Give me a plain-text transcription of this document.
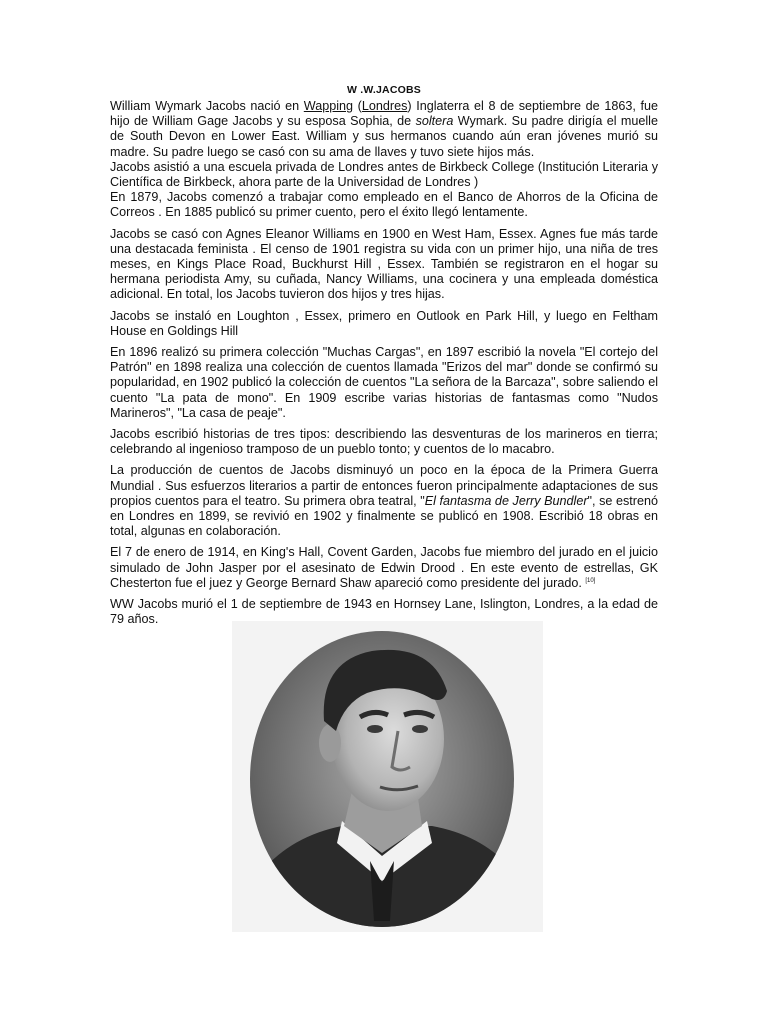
W .W.JACOBS

William Wymark Jacobs nació en Wapping (Londres) Inglaterra el 8 de septiembre de 1863, fue hijo de William Gage Jacobs y su esposa Sophia, de soltera Wymark. Su padre dirigía el muelle de South Devon en Lower East. William y sus hermanos cuando aún eran jóvenes murió su madre. Su padre luego se casó con su ama de llaves y tuvo siete hijos más.

Jacobs asistió a una escuela privada de Londres antes de Birkbeck College (Institución Literaria y Científica de Birkbeck, ahora parte de la Universidad de Londres )

En 1879, Jacobs comenzó a trabajar como empleado en el Banco de Ahorros de la Oficina de Correos . En 1885 publicó su primer cuento, pero el éxito llegó lentamente.

Jacobs se casó con Agnes Eleanor Williams en 1900 en West Ham, Essex. Agnes fue más tarde una destacada feminista . El censo de 1901 registra su vida con un primer hijo, una niña de tres meses, en Kings Place Road, Buckhurst Hill , Essex. También se registraron en el hogar su hermana periodista Amy, su cuñada, Nancy Williams, una cocinera y una empleada doméstica adicional. En total, los Jacobs tuvieron dos hijos y tres hijas.

Jacobs se instaló en Loughton , Essex, primero en Outlook en Park Hill, y luego en Feltham House en Goldings Hill

En 1896 realizó su primera colección "Muchas Cargas", en 1897 escribió la novela "El cortejo del Patrón" en 1898 realiza una colección de cuentos llamada "Erizos del mar" donde se confirmó su popularidad, en 1902 publicó la colección de cuentos "La señora de la Barcaza", sobre saliendo el cuento "La pata de mono". En 1909 escribe varias historias de fantasmas como "Nudos Marineros", "La casa de peaje".

Jacobs escribió historias de tres tipos: describiendo las desventuras de los marineros en tierra; celebrando al ingenioso tramposo de un pueblo tonto; y cuentos de lo macabro.

La producción de cuentos de Jacobs disminuyó un poco en la época de la Primera Guerra Mundial . Sus esfuerzos literarios a partir de entonces fueron principalmente adaptaciones de sus propios cuentos para el teatro. Su primera obra teatral, "El fantasma de Jerry Bundler", se estrenó en Londres en 1899, se revivió en 1902 y finalmente se publicó en 1908. Escribió 18 obras en total, algunas en colaboración.

El 7 de enero de 1914, en King's Hall, Covent Garden, Jacobs fue miembro del jurado en el juicio simulado de John Jasper por el asesinato de Edwin Drood . En este evento de estrellas, GK Chesterton fue el juez y George Bernard Shaw apareció como presidente del jurado. [10]

WW Jacobs murió el 1 de septiembre de 1943 en Hornsey Lane, Islington, Londres, a la edad de 79 años.
